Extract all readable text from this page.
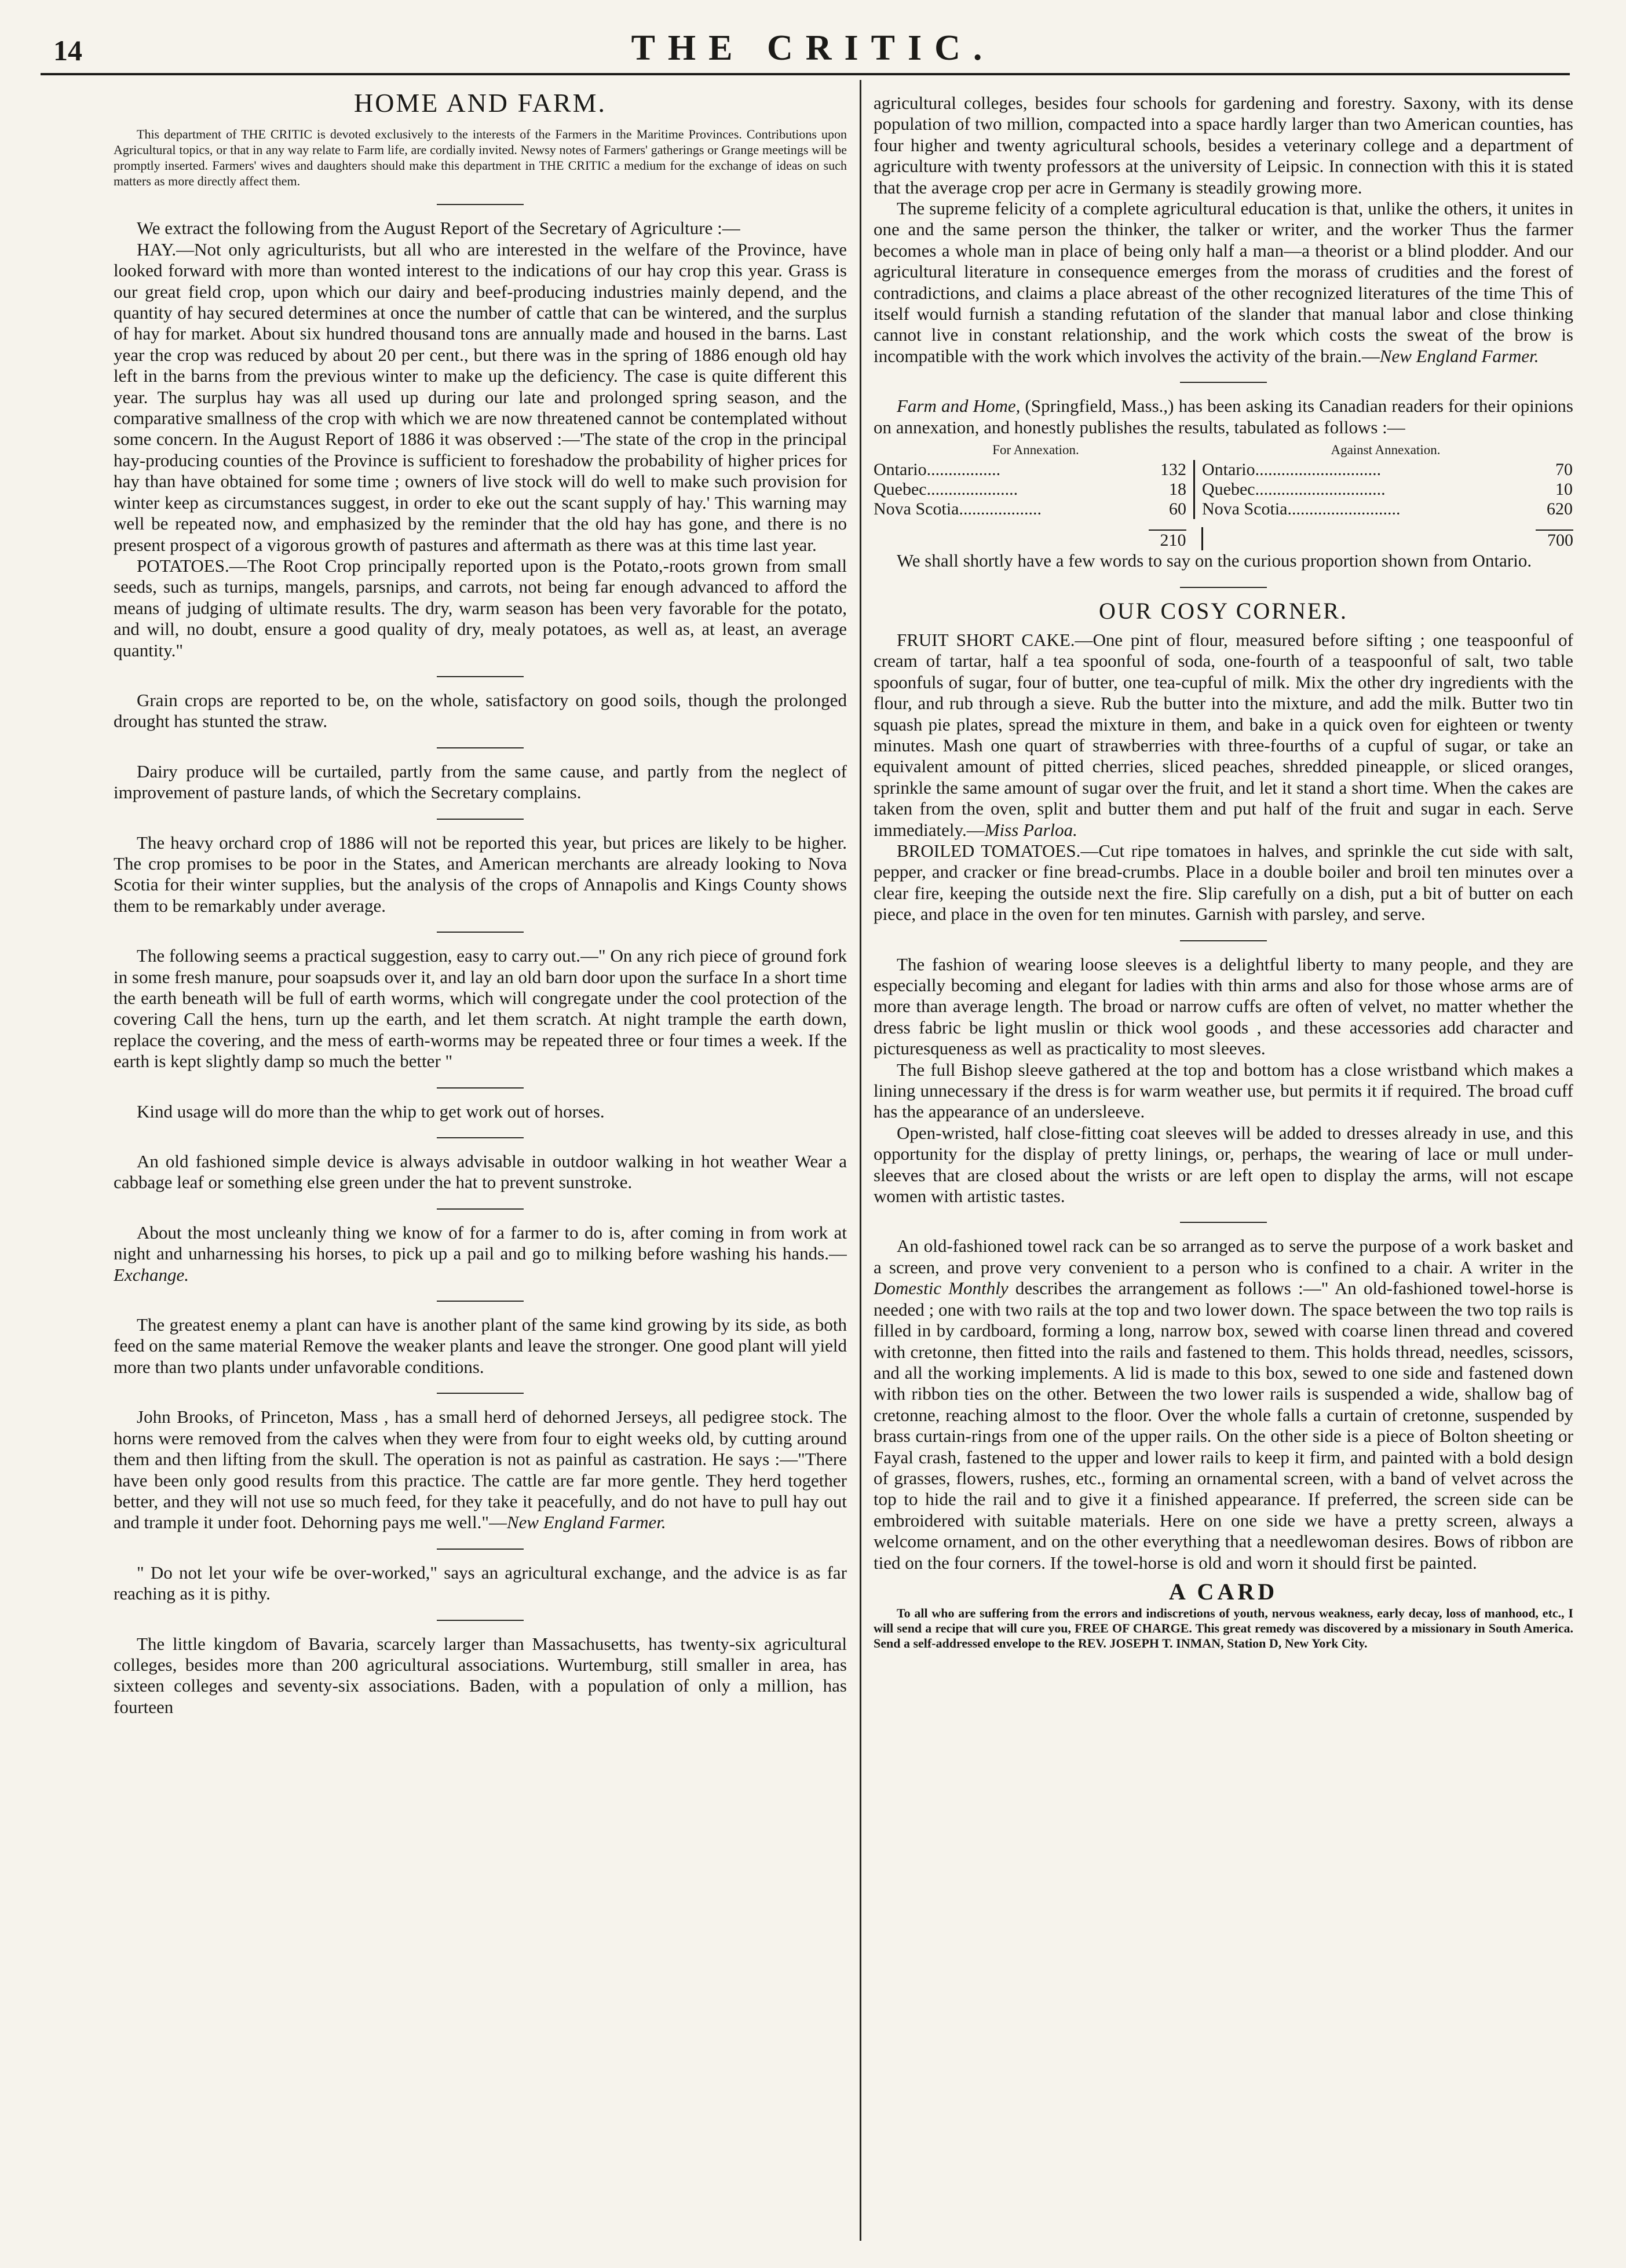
14	THE CRITIC.
HOME AND FARM.

This department of THE CRITIC is devoted exclusively to the interests of the Farmers in the Maritime Provinces. Contributions upon Agricultural topics, or that in any way relate to Farm life, are cordially invited. Newsy notes of Farmers' gatherings or Grange meetings will be promptly inserted. Farmers' wives and daughters should make this department in THE CRITIC a medium for the exchange of ideas on such matters as more directly affect them.

We extract the following from the August Report of the Secretary of Agriculture :—

HAY.—Not only agriculturists, but all who are interested in the welfare of the Province, have looked forward with more than wonted interest to the indications of our hay crop this year. Grass is our great field crop, upon which our dairy and beef-producing industries mainly depend, and the quantity of hay secured determines at once the number of cattle that can be wintered, and the surplus of hay for market. About six hundred thousand tons are annually made and housed in the barns. Last year the crop was reduced by about 20 per cent., but there was in the spring of 1886 enough old hay left in the barns from the previous winter to make up the deficiency. The case is quite different this year. The surplus hay was all used up during our late and prolonged spring season, and the comparative smallness of the crop with which we are now threatened cannot be contemplated without some concern. In the August Report of 1886 it was observed :—'The state of the crop in the principal hay-producing counties of the Province is sufficient to foreshadow the probability of higher prices for hay than have obtained for some time ; owners of live stock will do well to make such provision for winter keep as circumstances suggest, in order to eke out the scant supply of hay.' This warning may well be repeated now, and emphasized by the reminder that the old hay has gone, and there is no present prospect of a vigorous growth of pastures and aftermath as there was at this time last year.

POTATOES.—The Root Crop principally reported upon is the Potato,-roots grown from small seeds, such as turnips, mangels, parsnips, and carrots, not being far enough advanced to afford the means of judging of ultimate results. The dry, warm season has been very favorable for the potato, and will, no doubt, ensure a good quality of dry, mealy potatoes, as well as, at least, an average quantity."

Grain crops are reported to be, on the whole, satisfactory on good soils, though the prolonged drought has stunted the straw.

Dairy produce will be curtailed, partly from the same cause, and partly from the neglect of improvement of pasture lands, of which the Secretary complains.

The heavy orchard crop of 1886 will not be reported this year, but prices are likely to be higher. The crop promises to be poor in the States, and American merchants are already looking to Nova Scotia for their winter supplies, but the analysis of the crops of Annapolis and Kings County shows them to be remarkably under average.

The following seems a practical suggestion, easy to carry out.—" On any rich piece of ground fork in some fresh manure, pour soapsuds over it, and lay an old barn door upon the surface In a short time the earth beneath will be full of earth worms, which will congregate under the cool protection of the covering Call the hens, turn up the earth, and let them scratch. At night trample the earth down, replace the covering, and the mess of earth-worms may be repeated three or four times a week. If the earth is kept slightly damp so much the better "

Kind usage will do more than the whip to get work out of horses.

An old fashioned simple device is always advisable in outdoor walking in hot weather Wear a cabbage leaf or something else green under the hat to prevent sunstroke.

About the most uncleanly thing we know of for a farmer to do is, after coming in from work at night and unharnessing his horses, to pick up a pail and go to milking before washing his hands.—Exchange.

The greatest enemy a plant can have is another plant of the same kind growing by its side, as both feed on the same material Remove the weaker plants and leave the stronger. One good plant will yield more than two plants under unfavorable conditions.

John Brooks, of Princeton, Mass , has a small herd of dehorned Jerseys, all pedigree stock. The horns were removed from the calves when they were from four to eight weeks old, by cutting around them and then lifting from the skull. The operation is not as painful as castration. He says :—"There have been only good results from this practice. The cattle are far more gentle. They herd together better, and they will not use so much feed, for they take it peacefully, and do not have to pull hay out and trample it under foot. Dehorning pays me well."—New England Farmer.

" Do not let your wife be over-worked," says an agricultural exchange, and the advice is as far reaching as it is pithy.

The little kingdom of Bavaria, scarcely larger than Massachusetts, has twenty-six agricultural colleges, besides more than 200 agricultural associations. Wurtemburg, still smaller in area, has sixteen colleges and seventy-six associations. Baden, with a population of only a million, has fourteen

agricultural colleges, besides four schools for gardening and forestry. Saxony, with its dense population of two million, compacted into a space hardly larger than two American counties, has four higher and twenty agricultural schools, besides a veterinary college and a department of agriculture with twenty professors at the university of Leipsic. In connection with this it is stated that the average crop per acre in Germany is steadily growing more.

The supreme felicity of a complete agricultural education is that, unlike the others, it unites in one and the same person the thinker, the talker or writer, and the worker Thus the farmer becomes a whole man in place of being only half a man—a theorist or a blind plodder. And our agricultural literature in consequence emerges from the morass of crudities and the forest of contradictions, and claims a place abreast of the other recognized literatures of the time This of itself would furnish a standing refutation of the slander that manual labor and close thinking cannot live in constant relationship, and the work which costs the sweat of the brow is incompatible with the work which involves the activity of the brain.—New England Farmer.

Farm and Home, (Springfield, Mass.,) has been asking its Canadian readers for their opinions on annexation, and honestly publishes the results, tabulated as follows :—

For Annexation.	Against Annexation.
Ontario.................	132 Ontario.............................	70
Quebec.....................	18 Quebec..............................	10
Nova Scotia...................	60 Nova Scotia..........................	620
210	700

We shall shortly have a few words to say on the curious proportion shown from Ontario.

OUR COSY CORNER.

FRUIT SHORT CAKE.—One pint of flour, measured before sifting ; one teaspoonful of cream of tartar, half a tea spoonful of soda, one-fourth of a teaspoonful of salt, two table spoonfuls of sugar, four of butter, one tea-cupful of milk. Mix the other dry ingredients with the flour, and rub through a sieve. Rub the butter into the mixture, and add the milk. Butter two tin squash pie plates, spread the mixture in them, and bake in a quick oven for eighteen or twenty minutes. Mash one quart of strawberries with three-fourths of a cupful of sugar, or take an equivalent amount of pitted cherries, sliced peaches, shredded pineapple, or sliced oranges, sprinkle the same amount of sugar over the fruit, and let it stand a short time. When the cakes are taken from the oven, split and butter them and put half of the fruit and sugar in each. Serve immediately.—Miss Parloa.

BROILED TOMATOES.—Cut ripe tomatoes in halves, and sprinkle the cut side with salt, pepper, and cracker or fine bread-crumbs. Place in a double boiler and broil ten minutes over a clear fire, keeping the outside next the fire. Slip carefully on a dish, put a bit of butter on each piece, and place in the oven for ten minutes. Garnish with parsley, and serve.

The fashion of wearing loose sleeves is a delightful liberty to many people, and they are especially becoming and elegant for ladies with thin arms and also for those whose arms are of more than average length. The broad or narrow cuffs are often of velvet, no matter whether the dress fabric be light muslin or thick wool goods , and these accessories add character and picturesqueness as well as practicality to most sleeves.

The full Bishop sleeve gathered at the top and bottom has a close wristband which makes a lining unnecessary if the dress is for warm weather use, but permits it if required. The broad cuff has the appearance of an undersleeve.

Open-wristed, half close-fitting coat sleeves will be added to dresses already in use, and this opportunity for the display of pretty linings, or, perhaps, the wearing of lace or mull under-sleeves that are closed about the wrists or are left open to display the arms, will not escape women with artistic tastes.

An old-fashioned towel rack can be so arranged as to serve the purpose of a work basket and a screen, and prove very convenient to a person who is confined to a chair. A writer in the Domestic Monthly describes the arrangement as follows :—" An old-fashioned towel-horse is needed ; one with two rails at the top and two lower down. The space between the two top rails is filled in by cardboard, forming a long, narrow box, sewed with coarse linen thread and covered with cretonne, then fitted into the rails and fastened to them. This holds thread, needles, scissors, and all the working implements. A lid is made to this box, sewed to one side and fastened down with ribbon ties on the other. Between the two lower rails is suspended a wide, shallow bag of cretonne, reaching almost to the floor. Over the whole falls a curtain of cretonne, suspended by brass curtain-rings from one of the upper rails. On the other side is a piece of Bolton sheeting or Fayal crash, fastened to the upper and lower rails to keep it firm, and painted with a bold design of grasses, flowers, rushes, etc., forming an ornamental screen, with a band of velvet across the top to hide the rail and to give it a finished appearance. If preferred, the screen side can be embroidered with suitable materials. Here on one side we have a pretty screen, always a welcome ornament, and on the other everything that a needlewoman desires. Bows of ribbon are tied on the four corners. If the towel-horse is old and worn it should first be painted.

A CARD

To all who are suffering from the errors and indiscretions of youth, nervous weakness, early decay, loss of manhood, etc., I will send a recipe that will cure you, FREE OF CHARGE. This great remedy was discovered by a missionary in South America. Send a self-addressed envelope to the REV. JOSEPH T. INMAN, Station D, New York City.
